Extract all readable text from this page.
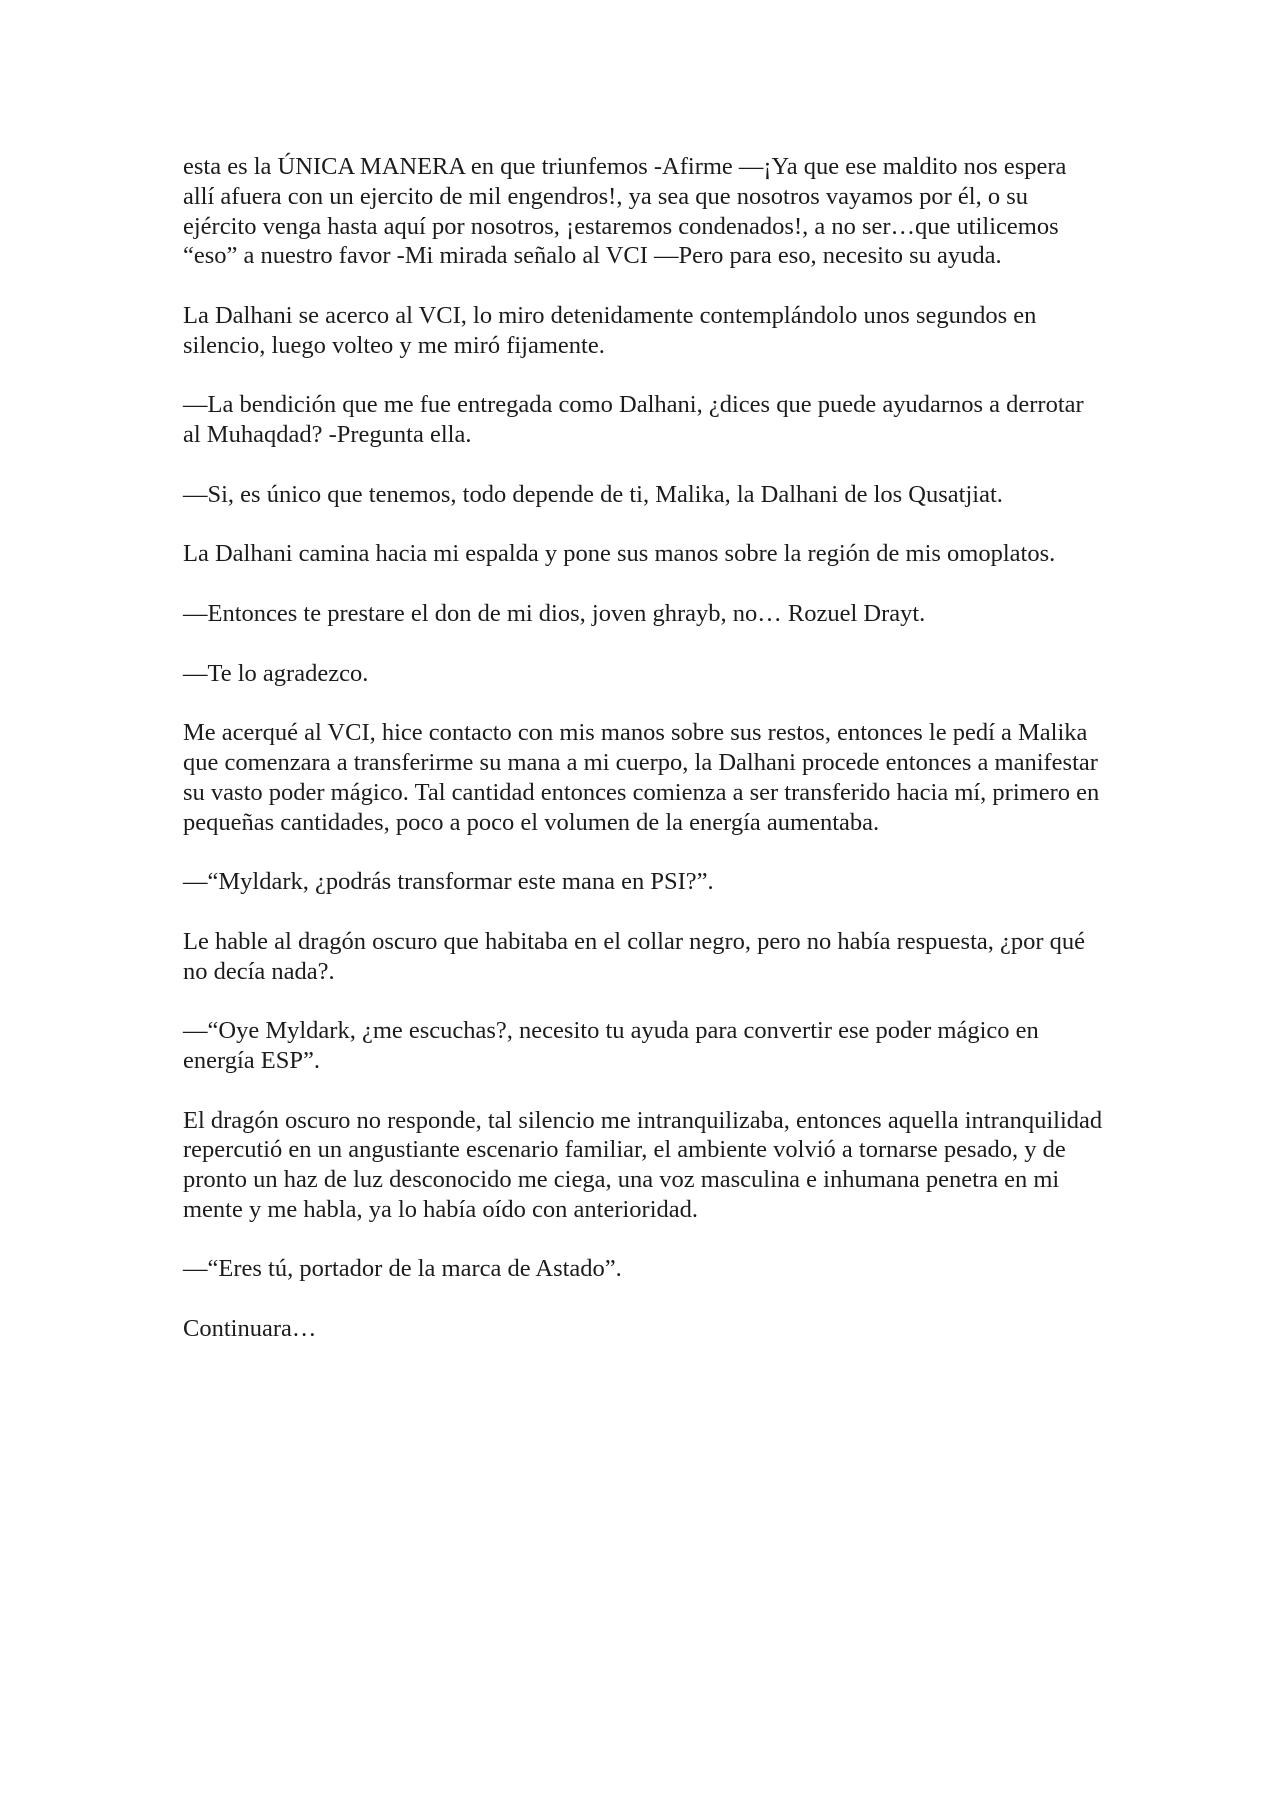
esta es la ÚNICA MANERA en que triunfemos -Afirme —¡Ya que ese maldito nos espera allí afuera con un ejercito de mil engendros!, ya sea que nosotros vayamos por él, o su ejército venga hasta aquí por nosotros, ¡estaremos condenados!, a no ser…que utilicemos “eso” a nuestro favor -Mi mirada señalo al VCI —Pero para eso, necesito su ayuda.

La Dalhani se acerco al VCI, lo miro detenidamente contemplándolo unos segundos en silencio, luego volteo y me miró fijamente.

—La bendición que me fue entregada como Dalhani, ¿dices que puede ayudarnos a derrotar al Muhaqdad? -Pregunta ella.

—Si, es único que tenemos, todo depende de ti, Malika, la Dalhani de los Qusatjiat.

La Dalhani camina hacia mi espalda y pone sus manos sobre la región de mis omoplatos.

—Entonces te prestare el don de mi dios, joven ghrayb, no… Rozuel Drayt.

—Te lo agradezco.

Me acerqué al VCI, hice contacto con mis manos sobre sus restos, entonces le pedí a Malika que comenzara a transferirme su mana a mi cuerpo, la Dalhani procede entonces a manifestar su vasto poder mágico. Tal cantidad entonces comienza a ser transferido hacia mí, primero en pequeñas cantidades, poco a poco el volumen de la energía aumentaba.

—“Myldark, ¿podrás transformar este mana en PSI?”.

Le hable al dragón oscuro que habitaba en el collar negro, pero no había respuesta, ¿por qué no decía nada?.

—“Oye Myldark, ¿me escuchas?, necesito tu ayuda para convertir ese poder mágico en energía ESP”.

El dragón oscuro no responde, tal silencio me intranquilizaba, entonces aquella intranquilidad repercutió en un angustiante escenario familiar, el ambiente volvió a tornarse pesado, y de pronto un haz de luz desconocido me ciega, una voz masculina e inhumana penetra en mi mente y me habla, ya lo había oído con anterioridad.

—“Eres tú, portador de la marca de Astado”.

Continuara…
